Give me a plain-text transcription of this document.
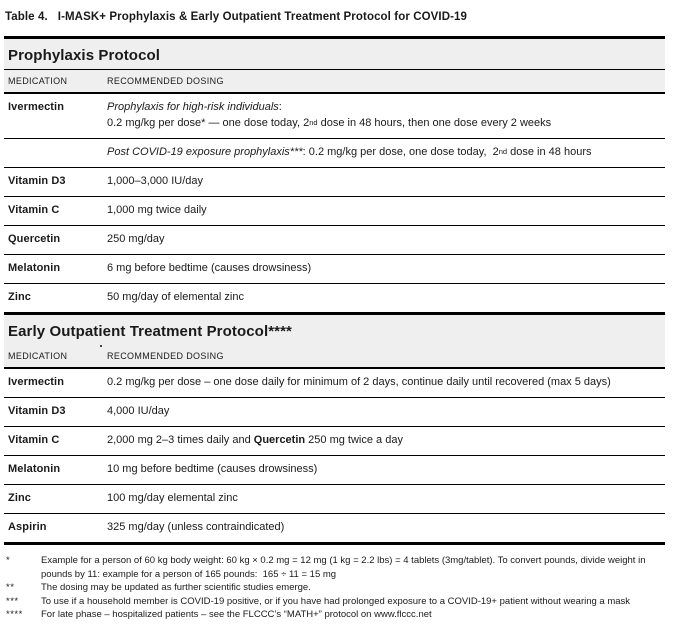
Table 4. I-MASK+ Prophylaxis & Early Outpatient Treatment Protocol for COVID-19
Prophylaxis Protocol
MEDICATION	RECOMMENDED DOSING
Ivermectin	Prophylaxis for high-risk individuals:
0.2 mg/kg per dose* — one dose today, 2nd dose in 48 hours, then one dose every 2 weeks
Post COVID-19 exposure prophylaxis***: 0.2 mg/kg per dose, one dose today,  2nd dose in 48 hours
Vitamin D3	1,000–3,000 IU/day
Vitamin C	1,000 mg twice daily
Quercetin	250 mg/day
Melatonin	6 mg before bedtime (causes drowsiness)
Zinc	50 mg/day of elemental zinc
Early Outpatient Treatment Protocol****
MEDICATION	RECOMMENDED DOSING
Ivermectin	0.2 mg/kg per dose – one dose daily for minimum of 2 days, continue daily until recovered (max 5 days)
Vitamin D3	4,000 IU/day
Vitamin C	2,000 mg 2–3 times daily and Quercetin 250 mg twice a day
Melatonin	10 mg before bedtime (causes drowsiness)
Zinc	100 mg/day elemental zinc
Aspirin	325 mg/day (unless contraindicated)
*	Example for a person of 60 kg body weight: 60 kg × 0.2 mg = 12 mg (1 kg = 2.2 lbs) = 4 tablets (3mg/tablet). To convert pounds, divide weight in pounds by 11: example for a person of 165 pounds:  165 ÷ 11 = 15 mg
**	The dosing may be updated as further scientific studies emerge.
***	To use if a household member is COVID-19 positive, or if you have had prolonged exposure to a COVID-19+ patient without wearing a mask
****	For late phase – hospitalized patients – see the FLCCC’s “MATH+” protocol on www.flccc.net
